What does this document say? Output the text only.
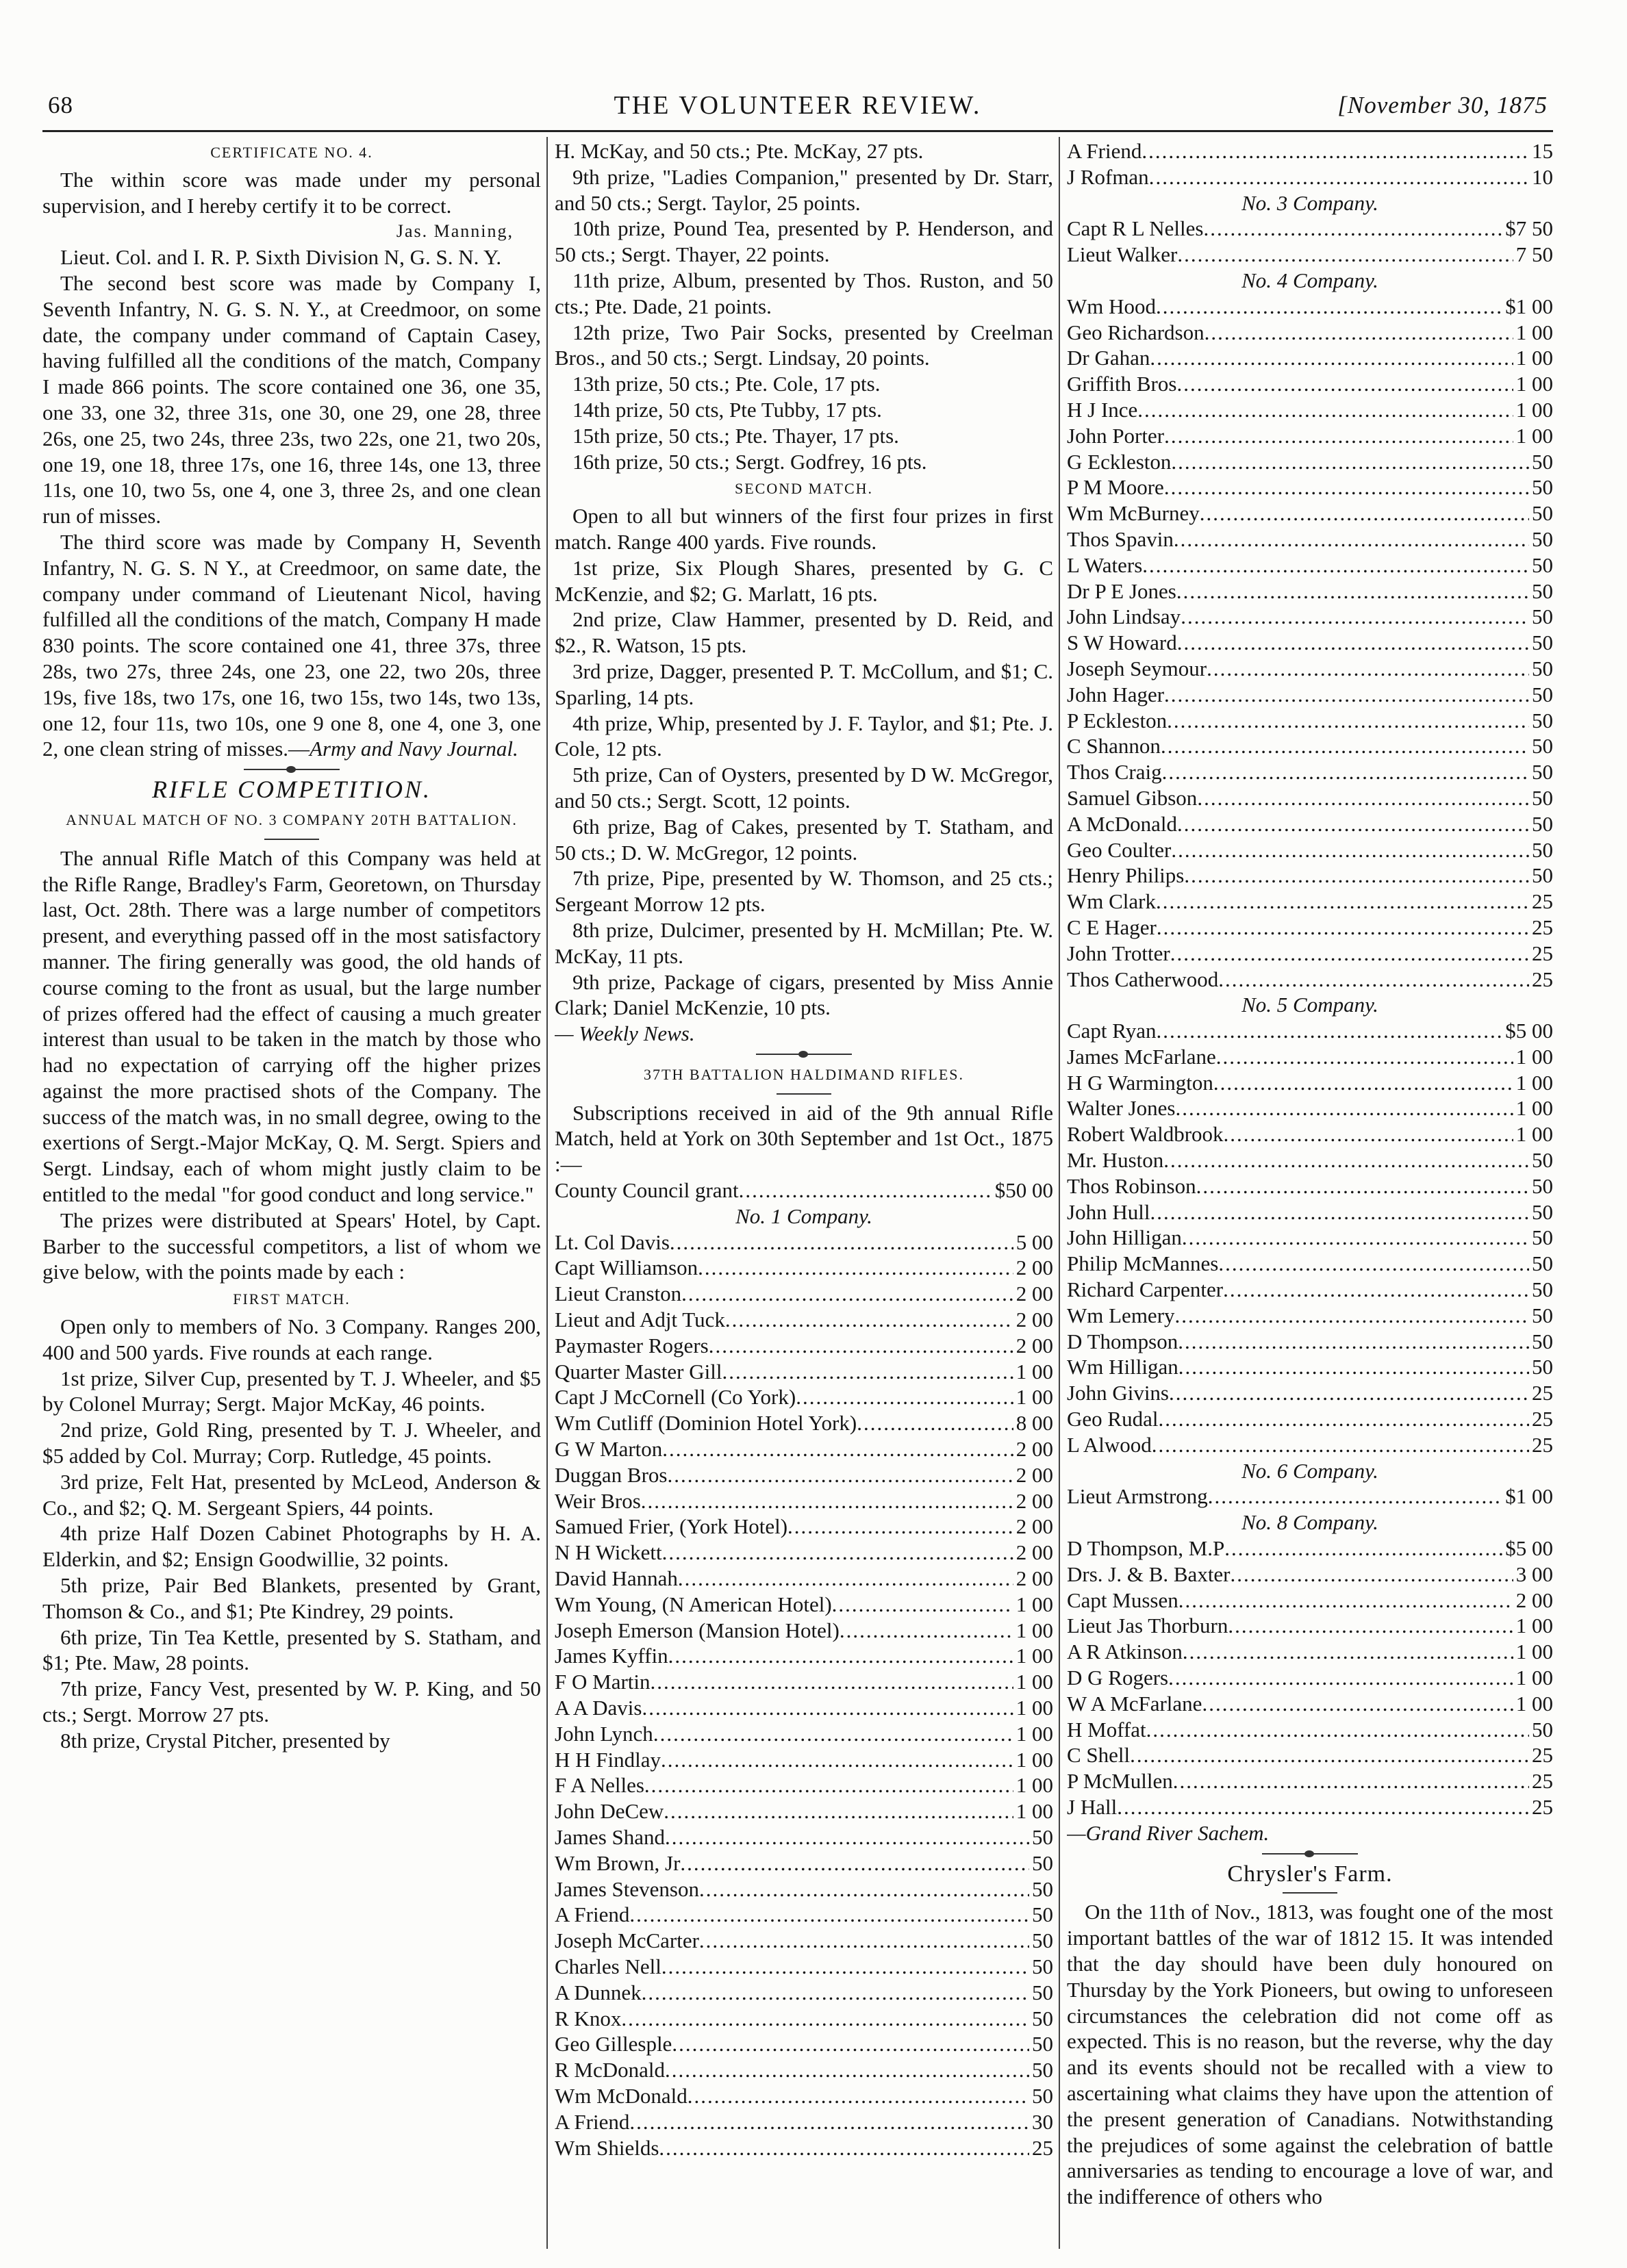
68	THE VOLUNTEER REVIEW.	[November 30, 1875

CERTIFICATE NO. 4.

The within score was made under my personal supervision, and I hereby certify it to be correct.

Jas. Manning,

Lieut. Col. and I. R. P. Sixth Division N, G. S. N. Y.

The second best score was made by Company I, Seventh Infantry, N. G. S. N. Y., at Creedmoor, on some date, the company under command of Captain Casey, having fulfilled all the conditions of the match, Company I made 866 points. The score contained one 36, one 35, one 33, one 32, three 31s, one 30, one 29, one 28, three 26s, one 25, two 24s, three 23s, two 22s, one 21, two 20s, one 19, one 18, three 17s, one 16, three 14s, one 13, three 11s, one 10, two 5s, one 4, one 3, three 2s, and one clean run of misses.

The third score was made by Company H, Seventh Infantry, N. G. S. N Y., at Creedmoor, on same date, the company under command of Lieutenant Nicol, having fulfilled all the conditions of the match, Company H made 830 points. The score contained one 41, three 37s, three 28s, two 27s, three 24s, one 23, one 22, two 20s, three 19s, five 18s, two 17s, one 16, two 15s, two 14s, two 13s, one 12, four 11s, two 10s, one 9 one 8, one 4, one 3, one 2, one clean string of misses.—Army and Navy Journal.

RIFLE COMPETITION.

ANNUAL MATCH OF NO. 3 COMPANY 20TH BATTALION.

The annual Rifle Match of this Company was held at the Rifle Range, Bradley's Farm, Georetown, on Thursday last, Oct. 28th. There was a large number of competitors present, and everything passed off in the most satisfactory manner. The firing generally was good, the old hands of course coming to the front as usual, but the large number of prizes offered had the effect of causing a much greater interest than usual to be taken in the match by those who had no expectation of carrying off the higher prizes against the more practised shots of the Company. The success of the match was, in no small degree, owing to the exertions of Sergt.-Major McKay, Q. M. Sergt. Spiers and Sergt. Lindsay, each of whom might justly claim to be entitled to the medal "for good conduct and long service."

The prizes were distributed at Spears' Hotel, by Capt. Barber to the successful competitors, a list of whom we give below, with the points made by each :

FIRST MATCH.

Open only to members of No. 3 Company. Ranges 200, 400 and 500 yards. Five rounds at each range.

1st prize, Silver Cup, presented by T. J. Wheeler, and $5 by Colonel Murray; Sergt. Major McKay, 46 points.

2nd prize, Gold Ring, presented by T. J. Wheeler, and $5 added by Col. Murray; Corp. Rutledge, 45 points.

3rd prize, Felt Hat, presented by McLeod, Anderson & Co., and $2; Q. M. Sergeant Spiers, 44 points.

4th prize Half Dozen Cabinet Photographs by H. A. Elderkin, and $2; Ensign Goodwillie, 32 points.

5th prize, Pair Bed Blankets, presented by Grant, Thomson & Co., and $1; Pte Kindrey, 29 points.

6th prize, Tin Tea Kettle, presented by S. Statham, and $1; Pte. Maw, 28 points.

7th prize, Fancy Vest, presented by W. P. King, and 50 cts.; Sergt. Morrow 27 pts.

8th prize, Crystal Pitcher, presented by

H. McKay, and 50 cts.; Pte. McKay, 27 pts.

9th prize, "Ladies Companion," presented by Dr. Starr, and 50 cts.; Sergt. Taylor, 25 points.

10th prize, Pound Tea, presented by P. Henderson, and 50 cts.; Sergt. Thayer, 22 points.

11th prize, Album, presented by Thos. Ruston, and 50 cts.; Pte. Dade, 21 points.

12th prize, Two Pair Socks, presented by Creelman Bros., and 50 cts.; Sergt. Lindsay, 20 points.

13th prize, 50 cts.; Pte. Cole, 17 pts.

14th prize, 50 cts, Pte Tubby, 17 pts.

15th prize, 50 cts.; Pte. Thayer, 17 pts.

16th prize, 50 cts.; Sergt. Godfrey, 16 pts.

SECOND MATCH.

Open to all but winners of the first four prizes in first match. Range 400 yards. Five rounds.

1st prize, Six Plough Shares, presented by G. C McKenzie, and $2; G. Marlatt, 16 pts.

2nd prize, Claw Hammer, presented by D. Reid, and $2., R. Watson, 15 pts.

3rd prize, Dagger, presented P. T. McCollum, and $1; C. Sparling, 14 pts.

4th prize, Whip, presented by J. F. Taylor, and $1; Pte. J. Cole, 12 pts.

5th prize, Can of Oysters, presented by D W. McGregor, and 50 cts.; Sergt. Scott, 12 points.

6th prize, Bag of Cakes, presented by T. Statham, and 50 cts.; D. W. McGregor, 12 points.

7th prize, Pipe, presented by W. Thomson, and 25 cts.; Sergeant Morrow 12 pts.

8th prize, Dulcimer, presented by H. McMillan; Pte. W. McKay, 11 pts.

9th prize, Package of cigars, presented by Miss Annie Clark; Daniel McKenzie, 10 pts.

— Weekly News.

37TH BATTALION HALDIMAND RIFLES.

Subscriptions received in aid of the 9th annual Rifle Match, held at York on 30th September and 1st Oct., 1875 :—

County Council grant .....	$50 00

No. 1 Company.

Lt. Col Davis .....	5 00
Capt Williamson .....	2 00
Lieut Cranston .....	2 00
Lieut and Adjt Tuck .....	2 00
Paymaster Rogers .....	2 00
Quarter Master Gill .....	1 00
Capt J McCornell (Co York) .....	1 00
Wm Cutliff (Dominion Hotel York) .....	8 00
G W Marton .....	2 00
Duggan Bros .....	2 00
Weir Bros .....	2 00
Samued Frier, (York Hotel) .....	2 00
N H Wickett .....	2 00
David Hannah .....	2 00
Wm Young, (N American Hotel) .....	1 00
Joseph Emerson (Mansion Hotel) .....	1 00
James Kyffin .....	1 00
F O Martin .....	1 00
A A Davis .....	1 00
John Lynch .....	1 00
H H Findlay .....	1 00
F A Nelles .....	1 00
John DeCew .....	1 00
James Shand .....	50
Wm Brown, Jr .....	50
James Stevenson .....	50
A Friend .....	50
Joseph McCarter .....	50
Charles Nell .....	50
A Dunnek .....	50
R Knox .....	50
Geo Gillesple .....	50
R McDonald .....	50
Wm McDonald .....	50
A Friend .....	30
Wm Shields .....	25
A Friend .....	15
J Rofman .....	10

No. 3 Company.

Capt R L Nelles .....	$7 50
Lieut Walker .....	7 50

No. 4 Company.

Wm Hood .....	$1 00
Geo Richardson .....	1 00
Dr Gahan .....	1 00
Griffith Bros .....	1 00
H J Ince .....	1 00
John Porter .....	1 00
G Eckleston .....	50
P M Moore .....	50
Wm McBurney .....	50
Thos Spavin .....	50
L Waters .....	50
Dr P E Jones .....	50
John Lindsay .....	50
S W Howard .....	50
Joseph Seymour .....	50
John Hager .....	50
P Eckleston .....	50
C Shannon .....	50
Thos Craig .....	50
Samuel Gibson .....	50
A McDonald .....	50
Geo Coulter .....	50
Henry Philips .....	50
Wm Clark .....	25
C E Hager .....	25
John Trotter .....	25
Thos Catherwood .....	25

No. 5 Company.

Capt Ryan .....	$5 00
James McFarlane .....	1 00
H G Warmington .....	1 00
Walter Jones .....	1 00
Robert Waldbrook .....	1 00
Mr. Huston .....	50
Thos Robinson .....	50
John Hull .....	50
John Hilligan .....	50
Philip McMannes .....	50
Richard Carpenter .....	50
Wm Lemery .....	50
D Thompson .....	50
Wm Hilligan .....	50
John Givins .....	25
Geo Rudal .....	25
L Alwood .....	25

No. 6 Company.

Lieut Armstrong .....	$1 00

No. 8 Company.

D Thompson, M.P .....	$5 00
Drs. J. & B. Baxter .....	3 00
Capt Mussen .....	2 00
Lieut Jas Thorburn .....	1 00
A R Atkinson .....	1 00
D G Rogers .....	1 00
W A McFarlane .....	1 00
H Moffat .....	50
C Shell .....	25
P McMullen .....	25
J Hall .....	25

—Grand River Sachem.

Chrysler's Farm.

On the 11th of Nov., 1813, was fought one of the most important battles of the war of 1812 15. It was intended that the day should have been duly honoured on Thursday by the York Pioneers, but owing to unforeseen circumstances the celebration did not come off as expected. This is no reason, but the reverse, why the day and its events should not be recalled with a view to ascertaining what claims they have upon the attention of the present generation of Canadians. Notwithstanding the prejudices of some against the celebration of battle anniversaries as tending to encourage a love of war, and the indifference of others who
